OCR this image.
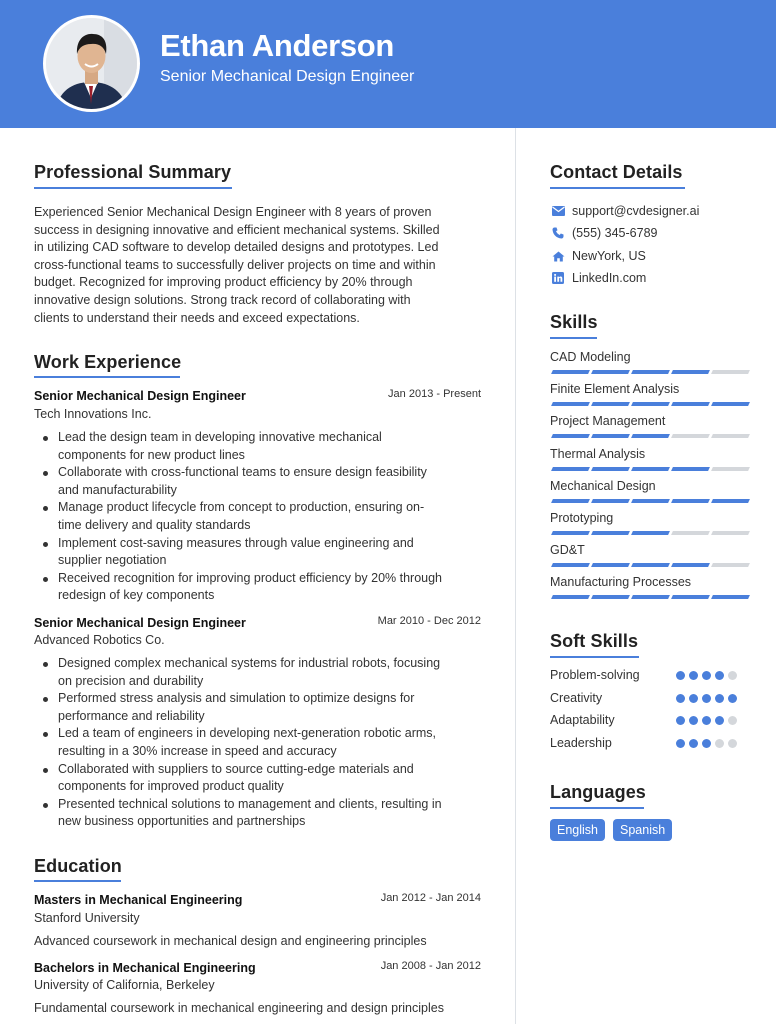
Ethan Anderson
Senior Mechanical Design Engineer
Professional Summary
Experienced Senior Mechanical Design Engineer with 8 years of proven
success in designing innovative and efficient mechanical systems. Skilled
in utilizing CAD software to develop detailed designs and prototypes. Led
cross-functional teams to successfully deliver projects on time and within
budget. Recognized for improving product efficiency by 20% through
innovative design solutions. Strong track record of collaborating with
clients to understand their needs and exceed expectations.
Work Experience
Senior Mechanical Design Engineer	Jan 2013 - Present
Tech Innovations Inc.
Lead the design team in developing innovative mechanical
components for new product lines
Collaborate with cross-functional teams to ensure design feasibility
and manufacturability
Manage product lifecycle from concept to production, ensuring on-
time delivery and quality standards
Implement cost-saving measures through value engineering and
supplier negotiation
Received recognition for improving product efficiency by 20% through
redesign of key components
Senior Mechanical Design Engineer	Mar 2010 - Dec 2012
Advanced Robotics Co.
Designed complex mechanical systems for industrial robots, focusing
on precision and durability
Performed stress analysis and simulation to optimize designs for
performance and reliability
Led a team of engineers in developing next-generation robotic arms,
resulting in a 30% increase in speed and accuracy
Collaborated with suppliers to source cutting-edge materials and
components for improved product quality
Presented technical solutions to management and clients, resulting in
new business opportunities and partnerships
Education
Masters in Mechanical Engineering	Jan 2012 - Jan 2014
Stanford University
Advanced coursework in mechanical design and engineering principles
Bachelors in Mechanical Engineering	Jan 2008 - Jan 2012
University of California, Berkeley
Fundamental coursework in mechanical engineering and design principles
Contact Details
support@cvdesigner.ai
(555) 345-6789
NewYork, US
LinkedIn.com
Skills
CAD Modeling
Finite Element Analysis
Project Management
Thermal Analysis
Mechanical Design
Prototyping
GD&T
Manufacturing Processes
Soft Skills
Problem-solving
Creativity
Adaptability
Leadership
Languages
English	Spanish
